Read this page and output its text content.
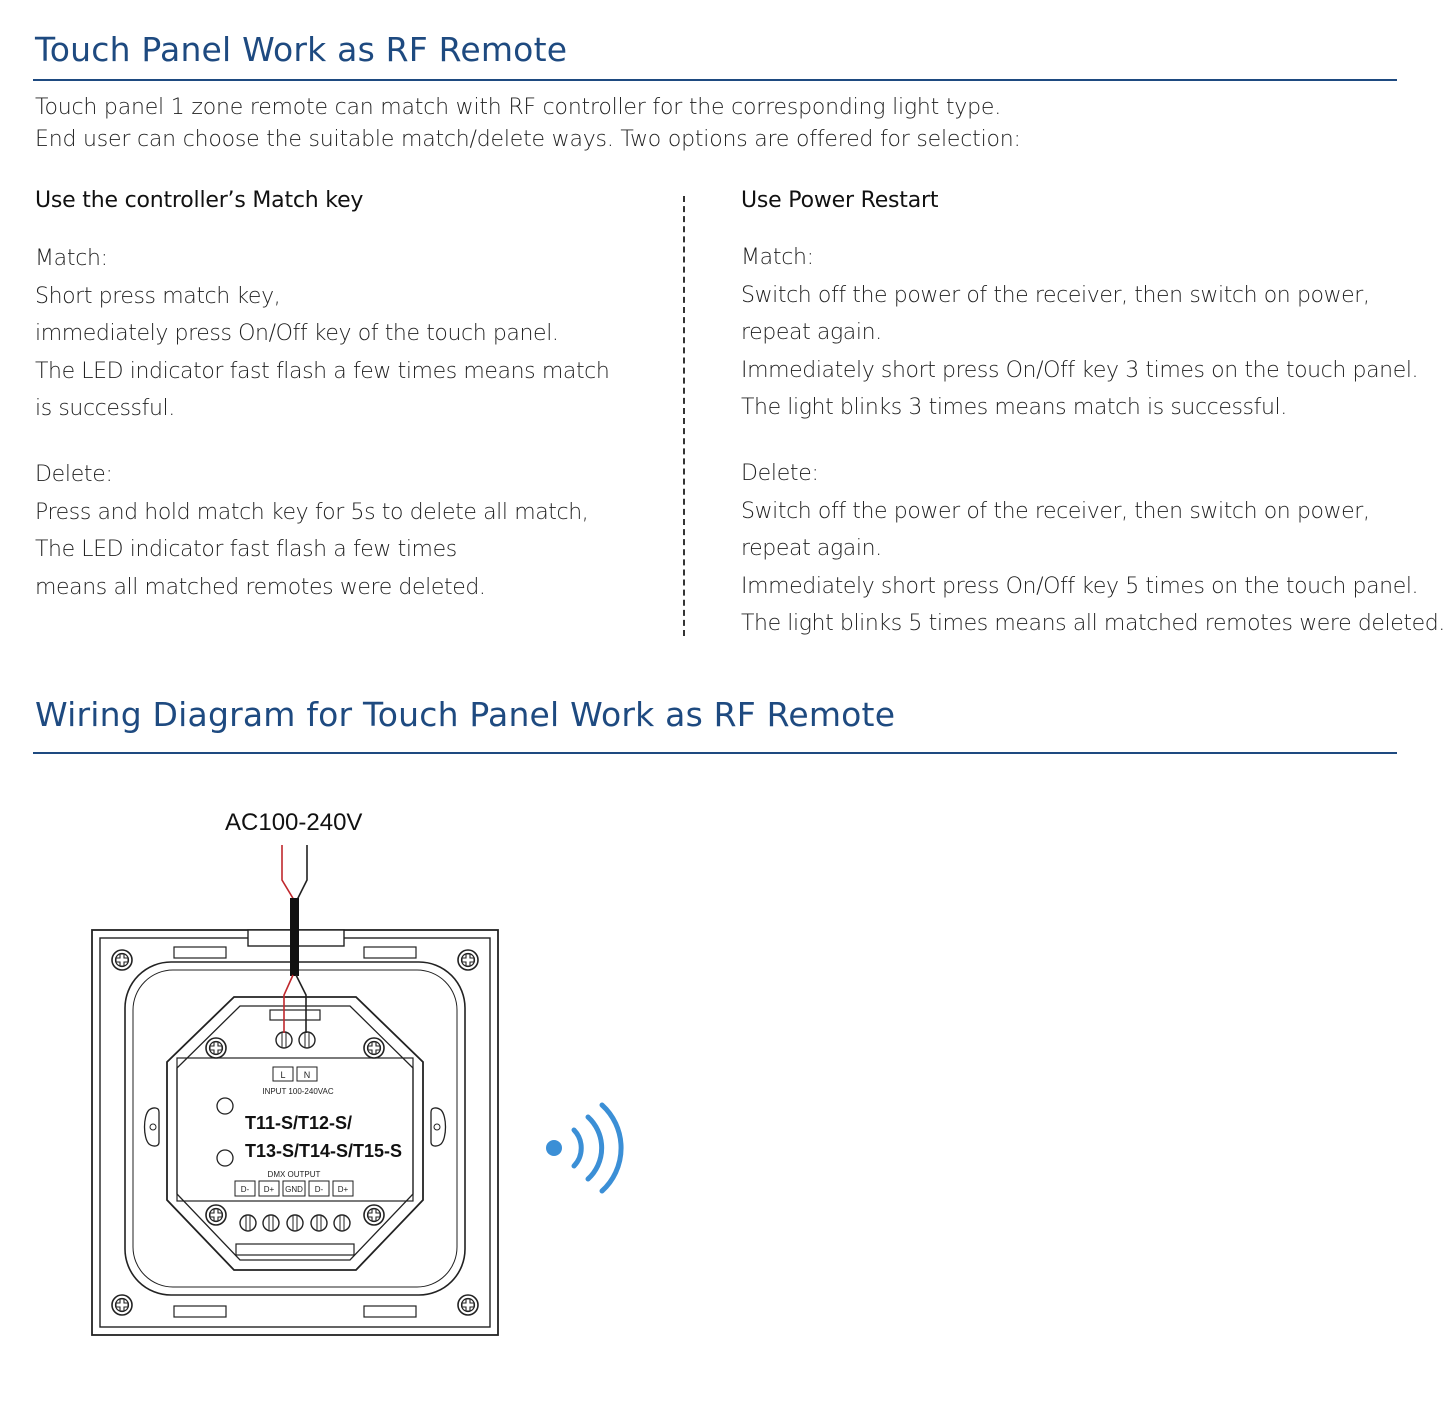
Touch Panel Work as RF Remote

Touch panel 1 zone remote can match with RF controller for the corresponding light type.

End user can choose the suitable match/delete ways. Two options are offered for selection:

Use the controller’s Match key

Match:

Short press match key,

immediately press On/Off key of the touch panel.

The LED indicator fast flash a few times means match

is successful.

Delete:

Press and hold match key for 5s to delete all match,

The LED indicator fast flash a few times

means all matched remotes were deleted.

Use Power Restart

Match:

Switch off the power of the receiver, then switch on power,

repeat again.

Immediately short press On/Off key 3 times on the touch panel.

The light blinks 3 times means match is successful.

Delete:

Switch off the power of the receiver, then switch on power,

repeat again.

Immediately short press On/Off key 5 times on the touch panel.

The light blinks 5 times means all matched remotes were deleted.

Wiring Diagram for Touch Panel Work as RF Remote
AC100-240V
L N
INPUT 100-240VAC
T11-S/T12-S/
T13-S/T14-S/T15-S
DMX OUTPUT
D- D+ GND D- D+
